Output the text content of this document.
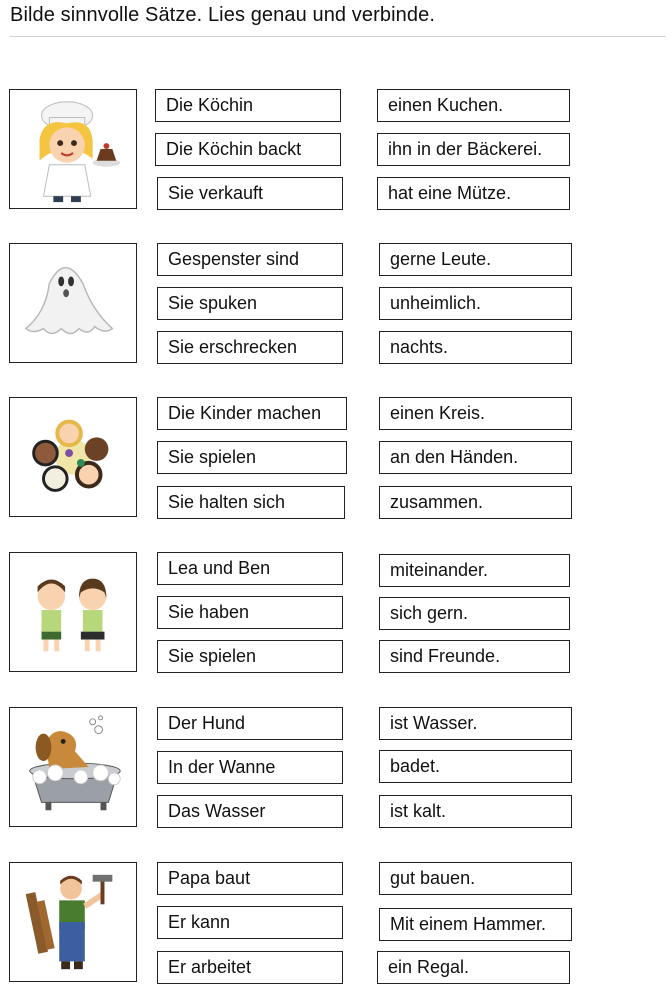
Bilde sinnvolle Sätze. Lies genau und verbinde.
Die Köchin
Die Köchin backt
Sie verkauft
einen Kuchen.
ihn in der Bäckerei.
hat eine Mütze.
Gespenster sind
Sie spuken
Sie erschrecken
gerne Leute.
unheimlich.
nachts.
Die Kinder machen
Sie spielen
Sie halten sich
einen Kreis.
an den Händen.
zusammen.
Lea und Ben
Sie haben
Sie spielen
miteinander.
sich gern.
sind Freunde.
Der Hund
In der Wanne
Das Wasser
ist Wasser.
badet.
ist kalt.
Papa baut
Er kann
Er arbeitet
gut bauen.
Mit einem Hammer.
ein Regal.
